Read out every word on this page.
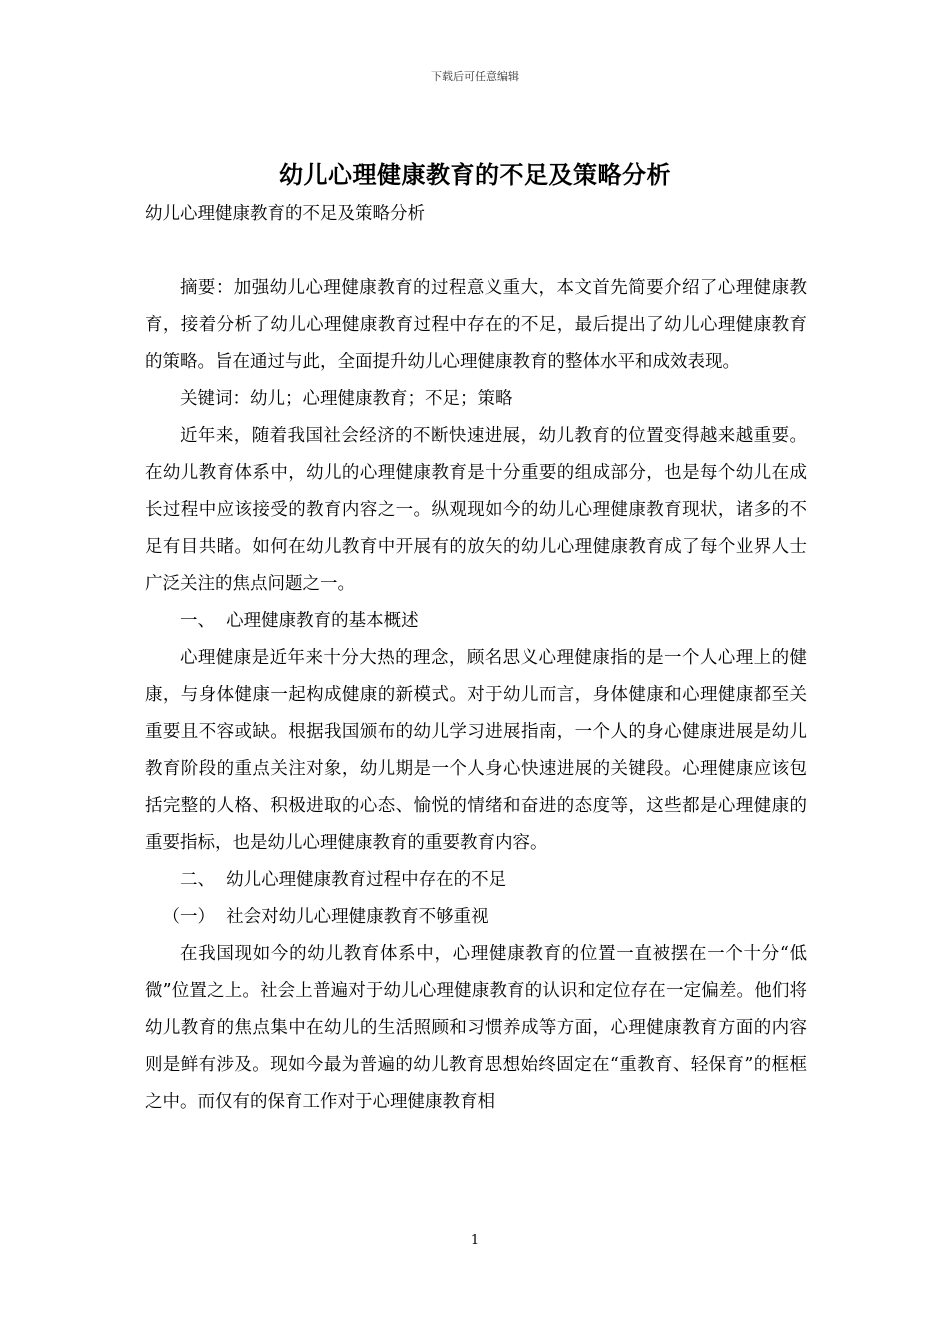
下载后可任意编辑
幼儿心理健康教育的不足及策略分析

幼儿心理健康教育的不足及策略分析

摘要：加强幼儿心理健康教育的过程意义重大，本文首先简要介绍了心理健康教育，接着分析了幼儿心理健康教育过程中存在的不足，最后提出了幼儿心理健康教育的策略。旨在通过与此，全面提升幼儿心理健康教育的整体水平和成效表现。

关键词：幼儿；心理健康教育；不足；策略

近年来，随着我国社会经济的不断快速进展，幼儿教育的位置变得越来越重要。在幼儿教育体系中，幼儿的心理健康教育是十分重要的组成部分，也是每个幼儿在成长过程中应该接受的教育内容之一。纵观现如今的幼儿心理健康教育现状，诸多的不足有目共睹。如何在幼儿教育中开展有的放矢的幼儿心理健康教育成了每个业界人士广泛关注的焦点问题之一。

一、  心理健康教育的基本概述

心理健康是近年来十分大热的理念，顾名思义心理健康指的是一个人心理上的健康，与身体健康一起构成健康的新模式。对于幼儿而言，身体健康和心理健康都至关重要且不容或缺。根据我国颁布的幼儿学习进展指南，一个人的身心健康进展是幼儿教育阶段的重点关注对象，幼儿期是一个人身心快速进展的关键段。心理健康应该包括完整的人格、积极进取的心态、愉悦的情绪和奋进的态度等，这些都是心理健康的重要指标，也是幼儿心理健康教育的重要教育内容。

二、  幼儿心理健康教育过程中存在的不足

（一）  社会对幼儿心理健康教育不够重视

在我国现如今的幼儿教育体系中，心理健康教育的位置一直被摆在一个十分“低微”位置之上。社会上普遍对于幼儿心理健康教育的认识和定位存在一定偏差。他们将幼儿教育的焦点集中在幼儿的生活照顾和习惯养成等方面，心理健康教育方面的内容则是鲜有涉及。现如今最为普遍的幼儿教育思想始终固定在“重教育、轻保育”的框框之中。而仅有的保育工作对于心理健康教育相

1
